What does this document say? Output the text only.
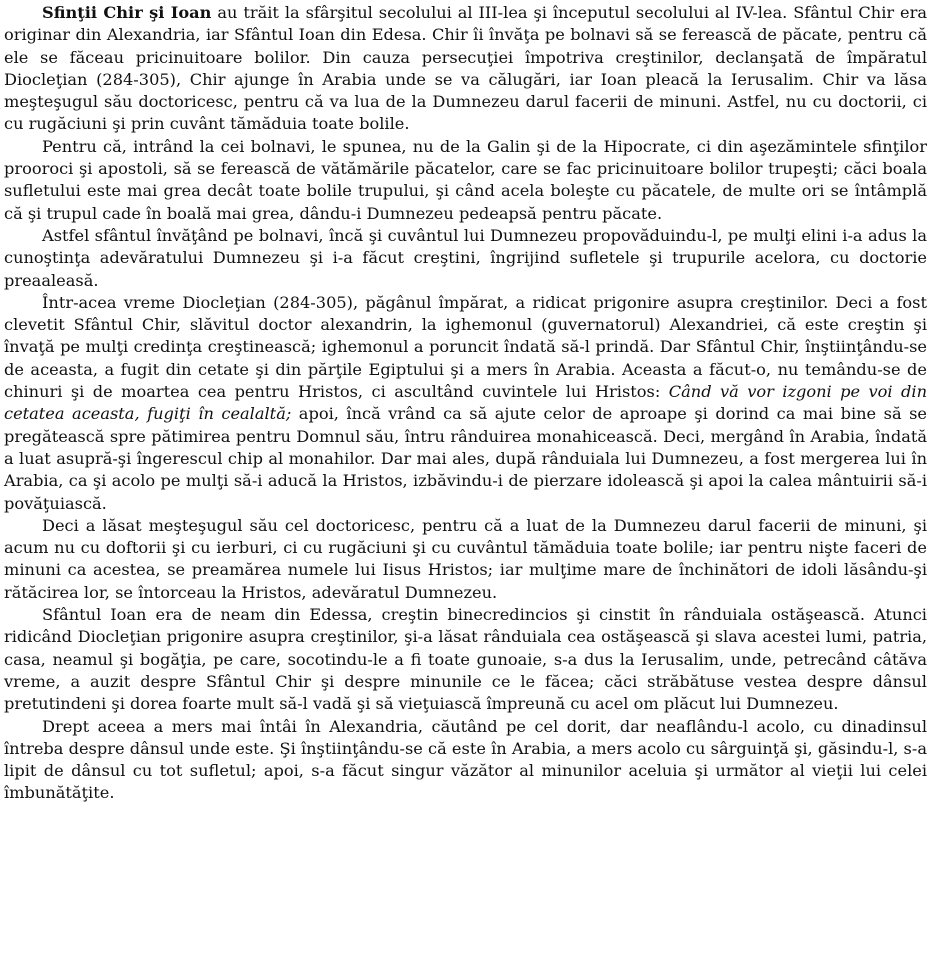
Sfinţii Chir şi Ioan au trăit la sfârşitul secolului al III-lea şi începutul secolului al IV-lea. Sfântul Chir era originar din Alexandria, iar Sfântul Ioan din Edesa. Chir îi învăţa pe bolnavi să se ferească de păcate, pentru că ele se făceau pricinuitoare bolilor. Din cauza persecuţiei împotriva creştinilor, declanşată de împăratul Diocleţian (284-305), Chir ajunge în Arabia unde se va călugări, iar Ioan pleacă la Ierusalim. Chir va lăsa meşteşugul său doctoricesc, pentru că va lua de la Dumnezeu darul facerii de minuni. Astfel, nu cu doctorii, ci cu rugăciuni şi prin cuvânt tămăduia toate bolile.

Pentru că, intrând la cei bolnavi, le spunea, nu de la Galin şi de la Hipocrate, ci din aşezămintele sfinţilor prooroci şi apostoli, să se ferească de vătămările păcatelor, care se fac pricinuitoare bolilor trupeşti; căci boala sufletului este mai grea decât toate bolile trupului, şi când acela boleşte cu păcatele, de multe ori se întâmplă că şi trupul cade în boală mai grea, dându-i Dumnezeu pedeapsă pentru păcate.

Astfel sfântul învăţând pe bolnavi, încă şi cuvântul lui Dumnezeu propovăduindu-l, pe mulţi elini i-a adus la cunoştinţa adevăratului Dumnezeu şi i-a făcut creştini, îngrijind sufletele şi trupurile acelora, cu doctorie preaaleasă.

Într-acea vreme Diocleţian (284-305), păgânul împărat, a ridicat prigonire asupra creştinilor. Deci a fost clevetit Sfântul Chir, slăvitul doctor alexandrin, la ighemonul (guvernatorul) Alexandriei, că este creştin şi învaţă pe mulţi credinţa creştinească; ighemonul a poruncit îndată să-l prindă. Dar Sfântul Chir, înştiinţându-se de aceasta, a fugit din cetate şi din părţile Egiptului şi a mers în Arabia. Aceasta a făcut-o, nu temându-se de chinuri şi de moartea cea pentru Hristos, ci ascultând cuvintele lui Hristos: Când vă vor izgoni pe voi din cetatea aceasta, fugiţi în cealaltă; apoi, încă vrând ca să ajute celor de aproape şi dorind ca mai bine să se pregătească spre pătimirea pentru Domnul său, întru rânduirea monahicească. Deci, mergând în Arabia, îndată a luat asupră-şi îngerescul chip al monahilor. Dar mai ales, după rânduiala lui Dumnezeu, a fost mergerea lui în Arabia, ca şi acolo pe mulţi să-i aducă la Hristos, izbăvindu-i de pierzare idolească şi apoi la calea mântuirii să-i povăţuiască.

Deci a lăsat meşteşugul său cel doctoricesc, pentru că a luat de la Dumnezeu darul facerii de minuni, şi acum nu cu doftorii şi cu ierburi, ci cu rugăciuni şi cu cuvântul tămăduia toate bolile; iar pentru nişte faceri de minuni ca acestea, se preamărea numele lui Iisus Hristos; iar mulţime mare de închinători de idoli lăsându-şi rătăcirea lor, se întorceau la Hristos, adevăratul Dumnezeu.

Sfântul Ioan era de neam din Edessa, creştin binecredincios şi cinstit în rânduiala ostăşească. Atunci ridicând Diocleţian prigonire asupra creştinilor, şi-a lăsat rânduiala cea ostăşească şi slava acestei lumi, patria, casa, neamul şi bogăţia, pe care, socotindu-le a fi toate gunoaie, s-a dus la Ierusalim, unde, petrecând câtăva vreme, a auzit despre Sfântul Chir şi despre minunile ce le făcea; căci străbătuse vestea despre dânsul pretutindeni şi dorea foarte mult să-l vadă şi să vieţuiască împreună cu acel om plăcut lui Dumnezeu.

Drept aceea a mers mai întâi în Alexandria, căutând pe cel dorit, dar neaflându-l acolo, cu dinadinsul întreba despre dânsul unde este. Şi înştiinţându-se că este în Arabia, a mers acolo cu sârguinţă şi, găsindu-l, s-a lipit de dânsul cu tot sufletul; apoi, s-a făcut singur văzător al minunilor aceluia şi următor al vieţii lui celei îmbunătăţite.
